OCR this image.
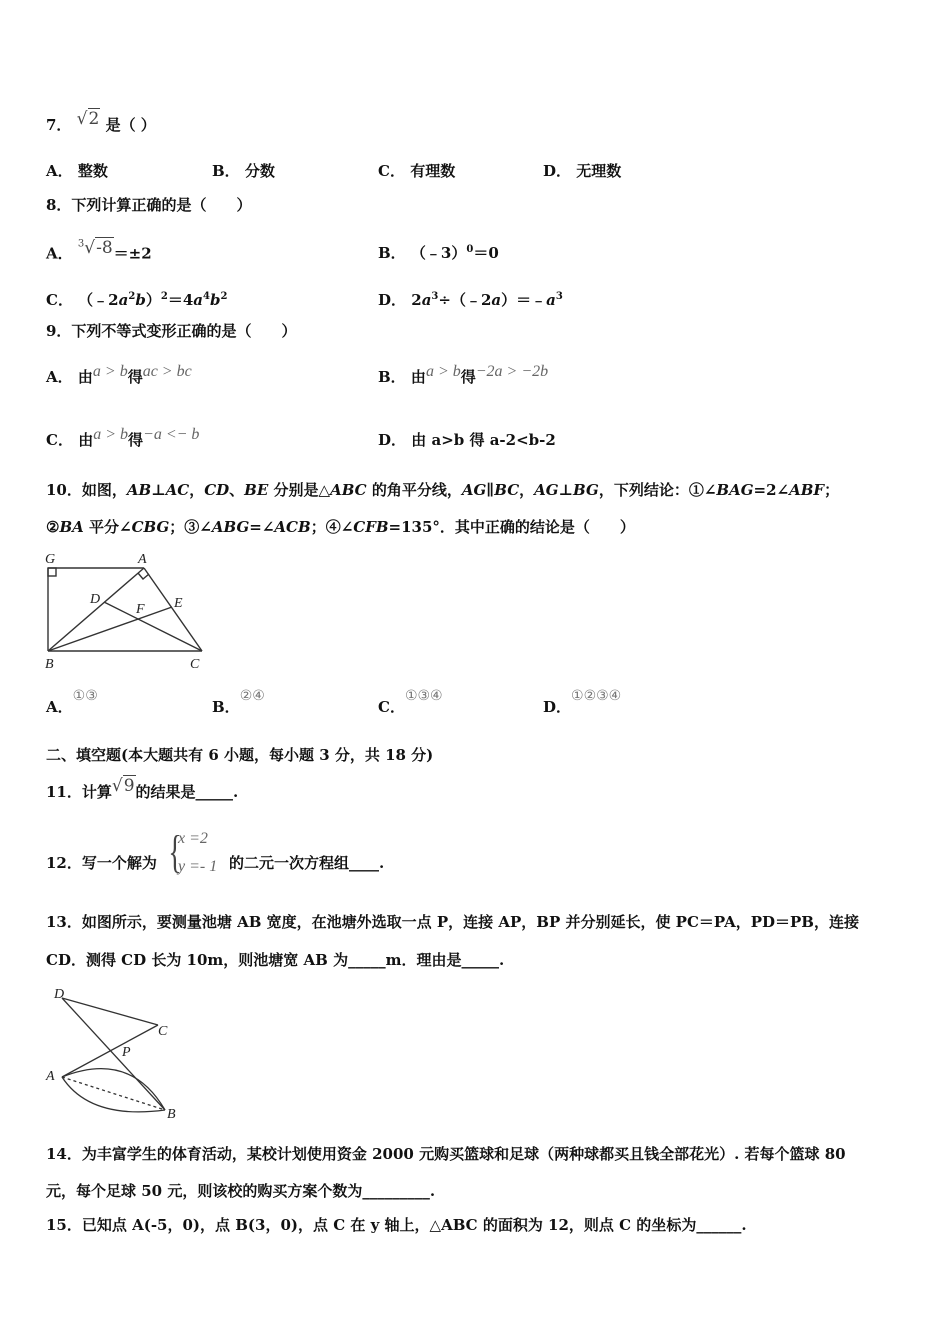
7． √2 是（ ）
A． 整数	B． 分数	C． 有理数	D． 无理数
8．下列计算正确的是（　　）
A． $^3$√-8＝±2	B． （﹣3）$^0$＝0
C． $(﹣2a^2b)^2=4a^4b^2$	D． $2a^3\div(﹣2a)=﹣a^3$
9．下列不等式变形正确的是（　　）
A． 由a > b得ac > bc	B． 由a > b得−2a > −2b
C． 由a > b得−a <− b	D． 由 a>b 得 a-2<b-2
10．如图，AB⊥AC，CD、BE 分别是△ABC 的角平分线，AG∥BC，AG⊥BG，下列结论：①∠BAG=2∠ABF；
②BA 平分∠CBG；③∠ABG=∠ACB；④∠CFB=135°．其中正确的结论是（　　）
G	A
D
F E
B	C
A．①③
B．②④
C．①③④
D．①②③④
二、填空题(本大题共有 6 小题，每小题 3 分，共 18 分)
11．计算√9的结果是_____.
12．写一个解为 {
x =2
y =- 1 的二元一次方程组____.
13．如图所示，要测量池塘 AB 宽度，在池塘外选取一点 P，连接 AP，BP 并分别延长，使 PC＝PA，PD＝PB，连接
CD．测得 CD 长为 10m，则池塘宽 AB 为_____m．理由是_____.
D
C
P
A
B
14．为丰富学生的体育活动，某校计划使用资金 2000 元购买篮球和足球（两种球都买且钱全部花光）. 若每个篮球 80
元，每个足球 50 元，则该校的购买方案个数为_________.
15．已知点 A(-5，0)，点 B(3，0)，点 C 在 y 轴上，△ABC 的面积为 12，则点 C 的坐标为______.
